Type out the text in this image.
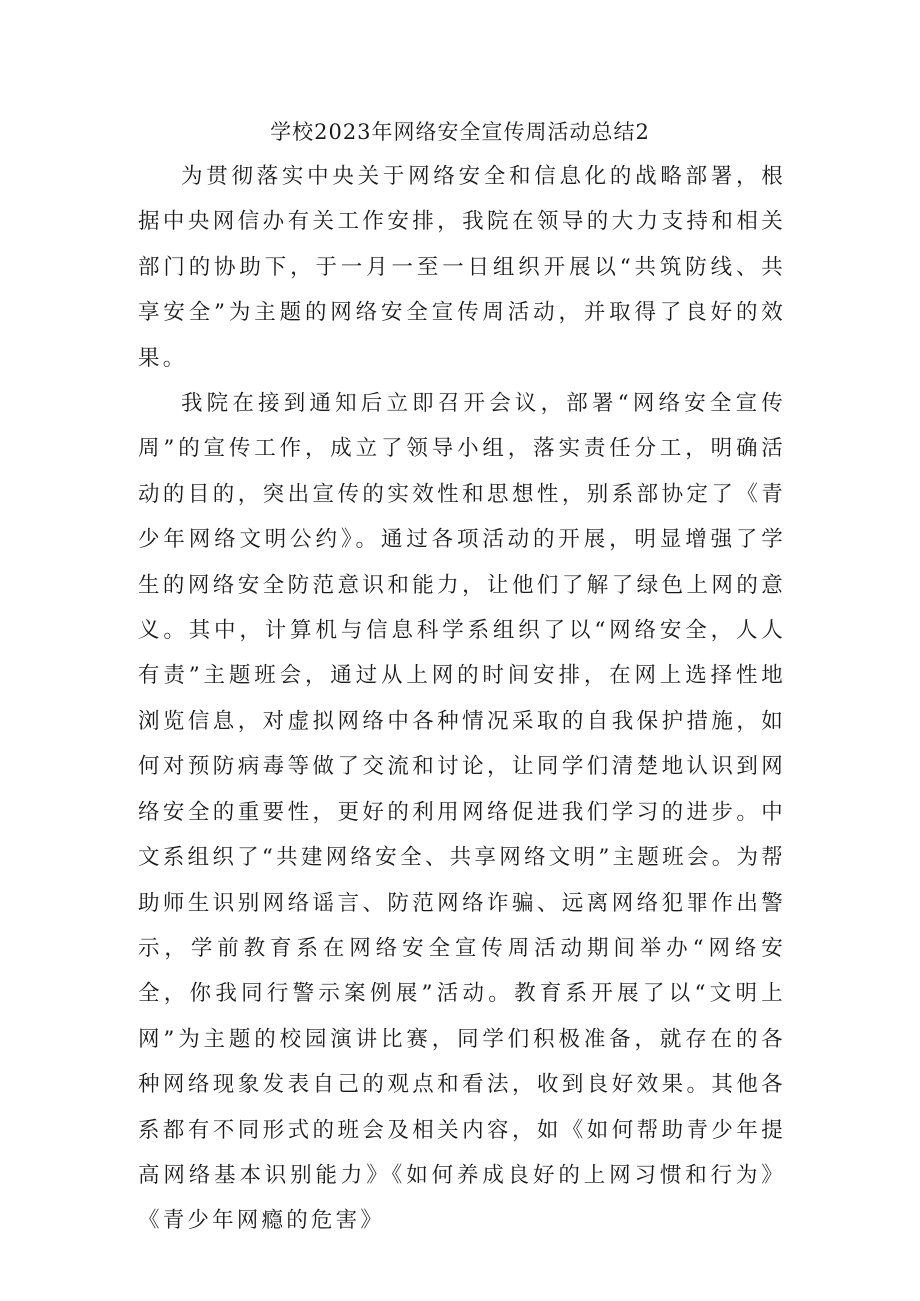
学校2023年网络安全宣传周活动总结2

为贯彻落实中央关于网络安全和信息化的战略部署，根据中央网信办有关工作安排，我院在领导的大力支持和相关部门的协助下，于一月一至一日组织开展以“共筑防线、共享安全”为主题的网络安全宣传周活动，并取得了良好的效果。

我院在接到通知后立即召开会议，部署“网络安全宣传周”的宣传工作，成立了领导小组，落实责任分工，明确活动的目的，突出宣传的实效性和思想性，别系部协定了《青少年网络文明公约》。通过各项活动的开展，明显增强了学生的网络安全防范意识和能力，让他们了解了绿色上网的意义。其中，计算机与信息科学系组织了以“网络安全，人人有责”主题班会，通过从上网的时间安排，在网上选择性地浏览信息，对虚拟网络中各种情况采取的自我保护措施，如何对预防病毒等做了交流和讨论，让同学们清楚地认识到网络安全的重要性，更好的利用网络促进我们学习的进步。中文系组织了“共建网络安全、共享网络文明”主题班会。为帮助师生识别网络谣言、防范网络诈骗、远离网络犯罪作出警示，学前教育系在网络安全宣传周活动期间举办“网络安全，你我同行警示案例展”活动。教育系开展了以“文明上网”为主题的校园演讲比赛，同学们积极准备，就存在的各种网络现象发表自己的观点和看法，收到良好效果。其他各系都有不同形式的班会及相关内容，如《如何帮助青少年提高网络基本识别能力》《如何养成良好的上网习惯和行为》《青少年网瘾的危害》
